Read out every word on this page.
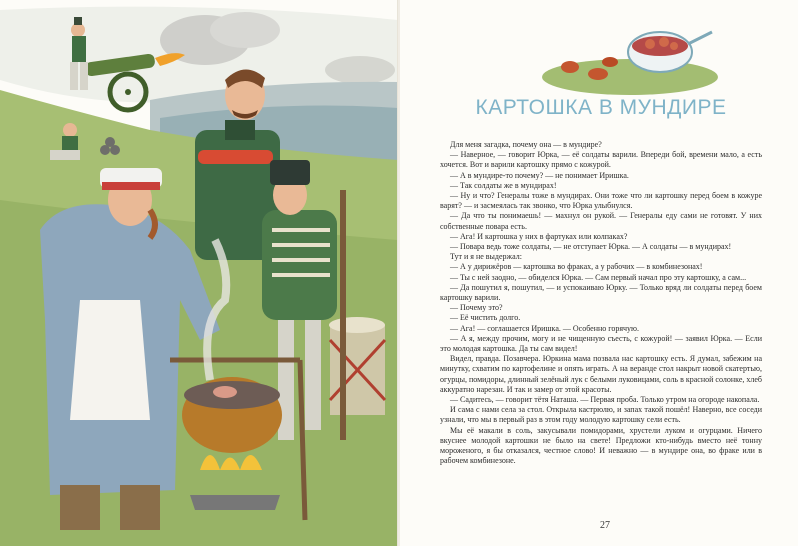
КАРТОШКА В МУНДИРЕ

Для меня загадка, почему она — в мундире?

— Наверное, — говорит Юрка, — её солдаты варили. Впереди бой, времени мало, а есть хочется. Вот и варили картошку прямо с кожурой.

— А в мундире-то почему? — не понимает Иришка.

— Так солдаты же в мундирах!

— Ну и что? Генералы тоже в мундирах. Они тоже что ли картошку перед боем в кожуре варят? — и засмеялась так звонко, что Юрка улыбнулся.

— Да что ты понимаешь! — махнул он рукой. — Генералы еду сами не готовят. У них собственные повара есть.

— Ага! И картошка у них в фартуках или колпаках?

— Повара ведь тоже солдаты, — не отступает Юрка. — А солдаты — в мундирах!

Тут и я не выдержал:

— А у дирижёров — картошка во фраках, а у рабочих — в комбинезонах!

— Ты с ней заодно, — обиделся Юрка. — Сам первый начал про эту картошку, а сам...

— Да пошутил я, пошутил, — и успокаиваю Юрку. — Только вряд ли солдаты перед боем картошку варили.

— Почему это?

— Её чистить долго.

— Ага! — соглашается Иришка. — Особенно горячую.

— А я, между прочим, могу и не чищенную съесть, с кожурой! — заявил Юрка. — Если это молодая картошка. Да ты сам видел!

Видел, правда. Позавчера. Юркина мама позвала нас картошку есть. Я думал, забежим на минутку, схватим по картофелине и опять играть. А на веранде стол накрыт новой скатертью, огурцы, помидоры, длинный зелёный лук с белыми луковицами, соль в красной солонке, хлеб аккуратно нарезан. И так и замер от этой красоты.

— Садитесь, — говорит тётя Наташа. — Первая проба. Только утром на огороде накопала.

И сама с нами села за стол. Открыла кастрюлю, и запах такой пошёл! Наверно, все соседи узнали, что мы в первый раз в этом году молодую картошку сели есть.

Мы её макали в соль, закусывали помидорами, хрустели луком и огурцами. Ничего вкуснее молодой картошки не было на свете! Предложи кто-нибудь вместо неё тонну мороженого, я бы отказался, честное слово! И неважно — в мундире она, во фраке или в рабочем комбинезоне.

27
